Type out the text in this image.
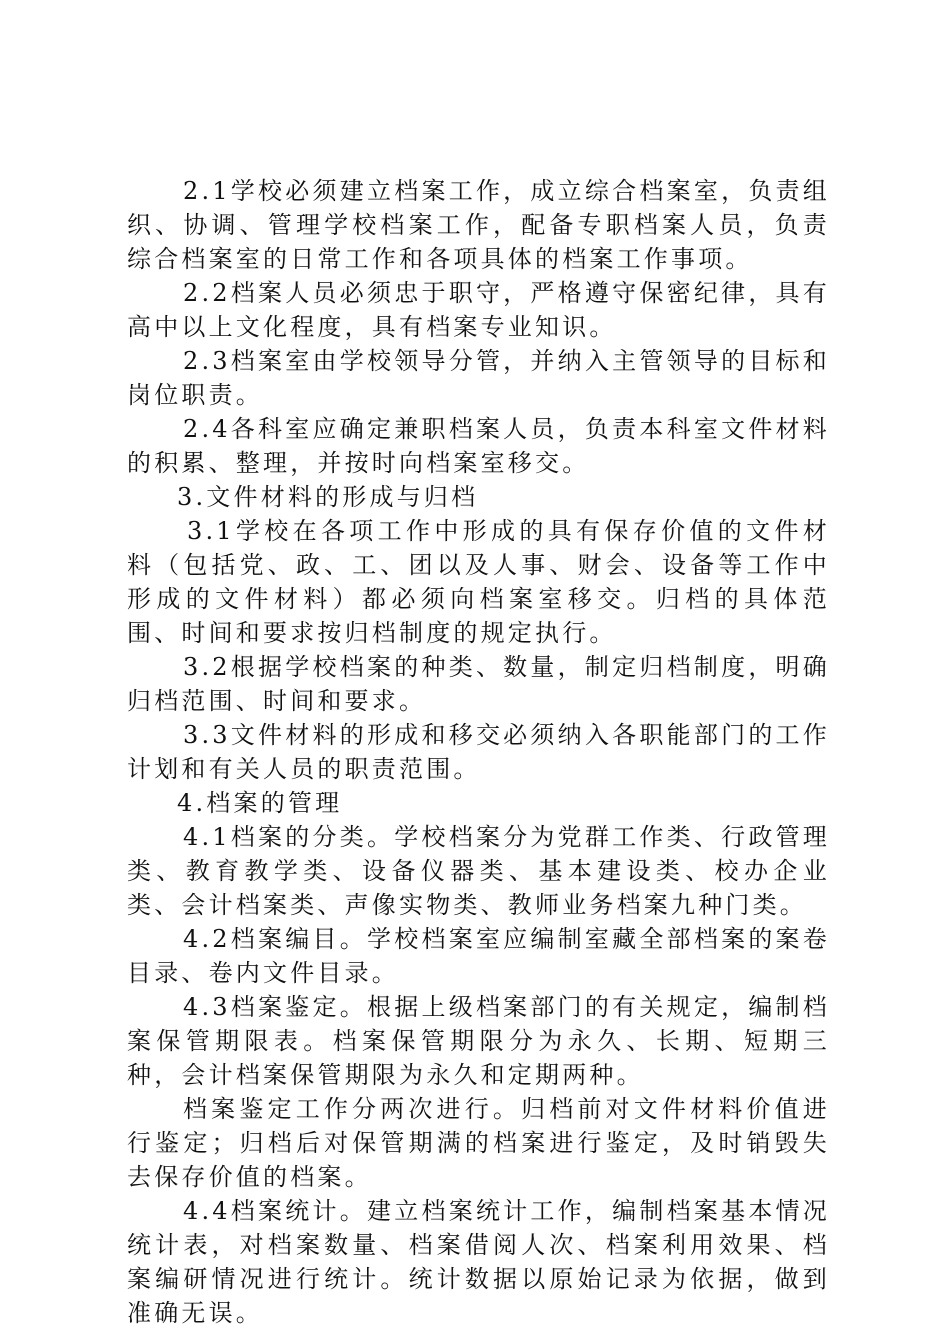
2.1学校必须建立档案工作，成立综合档案室，负责组织、协调、管理学校档案工作，配备专职档案人员，负责综合档案室的日常工作和各项具体的档案工作事项。

2.2档案人员必须忠于职守，严格遵守保密纪律，具有高中以上文化程度，具有档案专业知识。

2.3档案室由学校领导分管，并纳入主管领导的目标和岗位职责。

2.4各科室应确定兼职档案人员，负责本科室文件材料的积累、整理，并按时向档案室移交。

3.文件材料的形成与归档

3.1学校在各项工作中形成的具有保存价值的文件材料（包括党、政、工、团以及人事、财会、设备等工作中形成的文件材料）都必须向档案室移交。归档的具体范围、时间和要求按归档制度的规定执行。

3.2根据学校档案的种类、数量，制定归档制度，明确归档范围、时间和要求。

3.3文件材料的形成和移交必须纳入各职能部门的工作计划和有关人员的职责范围。

4.档案的管理

4.1档案的分类。学校档案分为党群工作类、行政管理类、教育教学类、设备仪器类、基本建设类、校办企业类、会计档案类、声像实物类、教师业务档案九种门类。

4.2档案编目。学校档案室应编制室藏全部档案的案卷目录、卷内文件目录。

4.3档案鉴定。根据上级档案部门的有关规定，编制档案保管期限表。档案保管期限分为永久、长期、短期三种，会计档案保管期限为永久和定期两种。

档案鉴定工作分两次进行。归档前对文件材料价值进行鉴定；归档后对保管期满的档案进行鉴定，及时销毁失去保存价值的档案。

4.4档案统计。建立档案统计工作，编制档案基本情况统计表，对档案数量、档案借阅人次、档案利用效果、档案编研情况进行统计。统计数据以原始记录为依据，做到准确无误。
